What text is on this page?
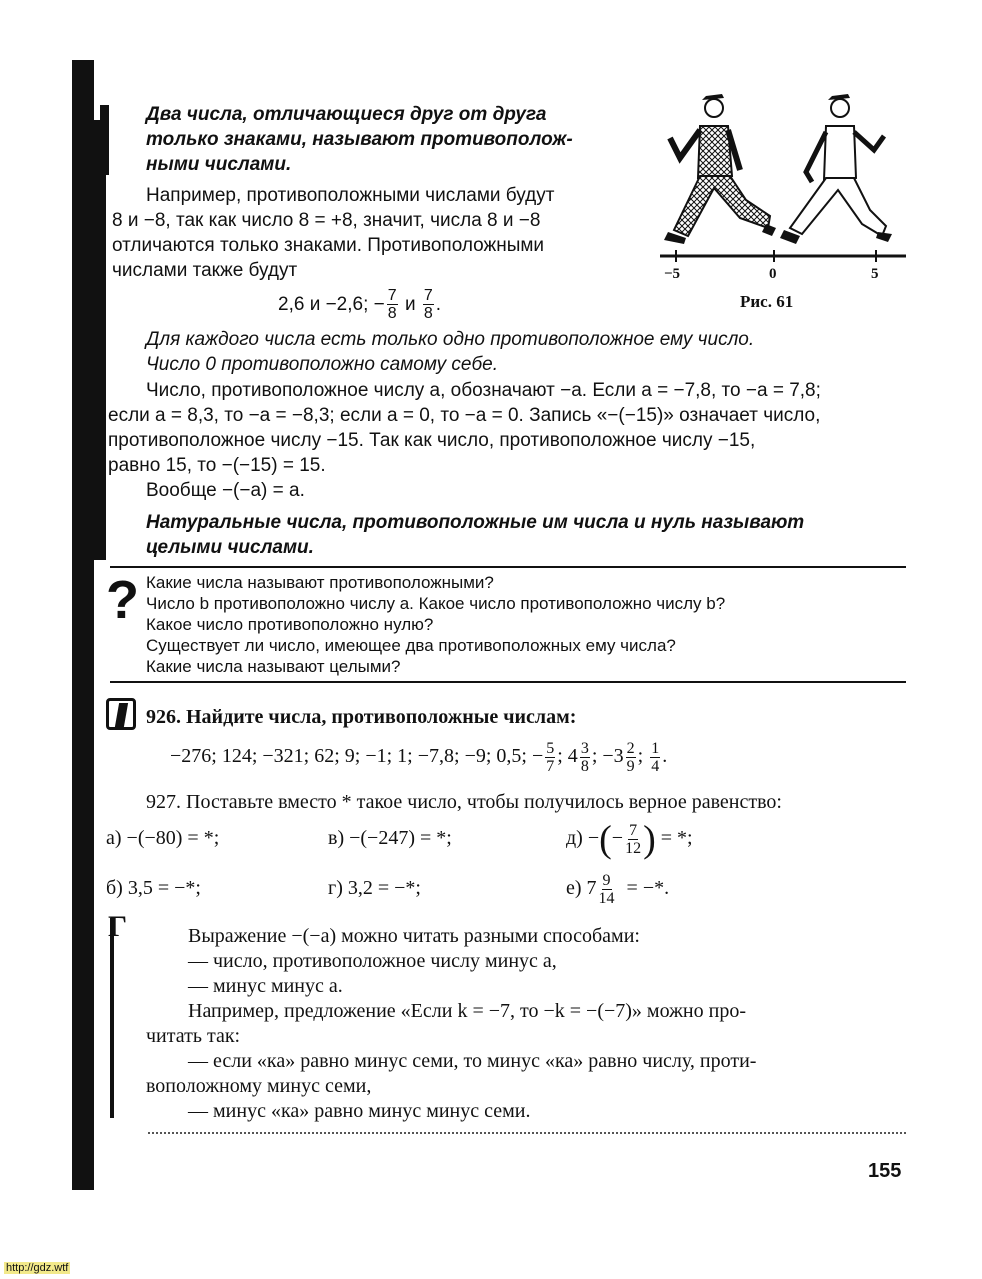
Два числа, отличающиеся друг от друга
только знаками, называют противополож-
ными числами.
Например, противоположными числами будут
8 и −8, так как число 8 = +8, значит, числа 8 и −8
отличаются только знаками. Противоположными
числами также будут
2,6 и −2,6; − $\frac{7}{8}$ и $\frac{7}{8}$ .
−5	0	5
Рис. 61
Для каждого числа есть только одно противоположное ему число.
Число 0 противоположно самому себе.
Число, противоположное числу a, обозначают −a. Если a = −7,8, то −a = 7,8;
если a = 8,3, то −a = −8,3; если a = 0, то −a = 0. Запись «−(−15)» означает число,
противоположное числу −15. Так как число, противоположное числу −15,
равно 15, то −(−15) = 15.
Вообще −(−a) = a.
Натуральные числа, противоположные им числа и нуль называют
целыми числами.
? Какие числа называют противоположными?
Число b противоположно числу a. Какое число противоположно числу b?
Какое число противоположно нулю?
Существует ли число, имеющее два противоположных ему числа?
Какие числа называют целыми?
926. Найдите числа, противоположные числам:
−276; 124; −321; 62; 9; −1; 1; −7,8; −9; 0,5; − $\frac{5}{7}$ ; $4 \frac{3}{8}$ ; $-3 \frac{2}{9}$ ; $\frac{1}{4}$ .
927. Поставьте вместо * такое число, чтобы получилось верное равенство:
а) −(−80) = *;	в) −(−247) = *;	д) −(− $\frac{7}{12}$ ) = *;
б) 3,5 = −*;	г) 3,2 = −*;	е) $7 \frac{9}{14}$ = −*.
Γ	Выражение −(−a) можно читать разными способами:
— число, противоположное числу минус a,
— минус минус a.
Например, предложение «Если k = −7, то −k = −(−7)» можно про-
читать так:
— если «ка» равно минус семи, то минус «ка» равно числу, проти-
воположному минус семи,
— минус «ка» равно минус минус семи.
155
http://gdz.wtf
